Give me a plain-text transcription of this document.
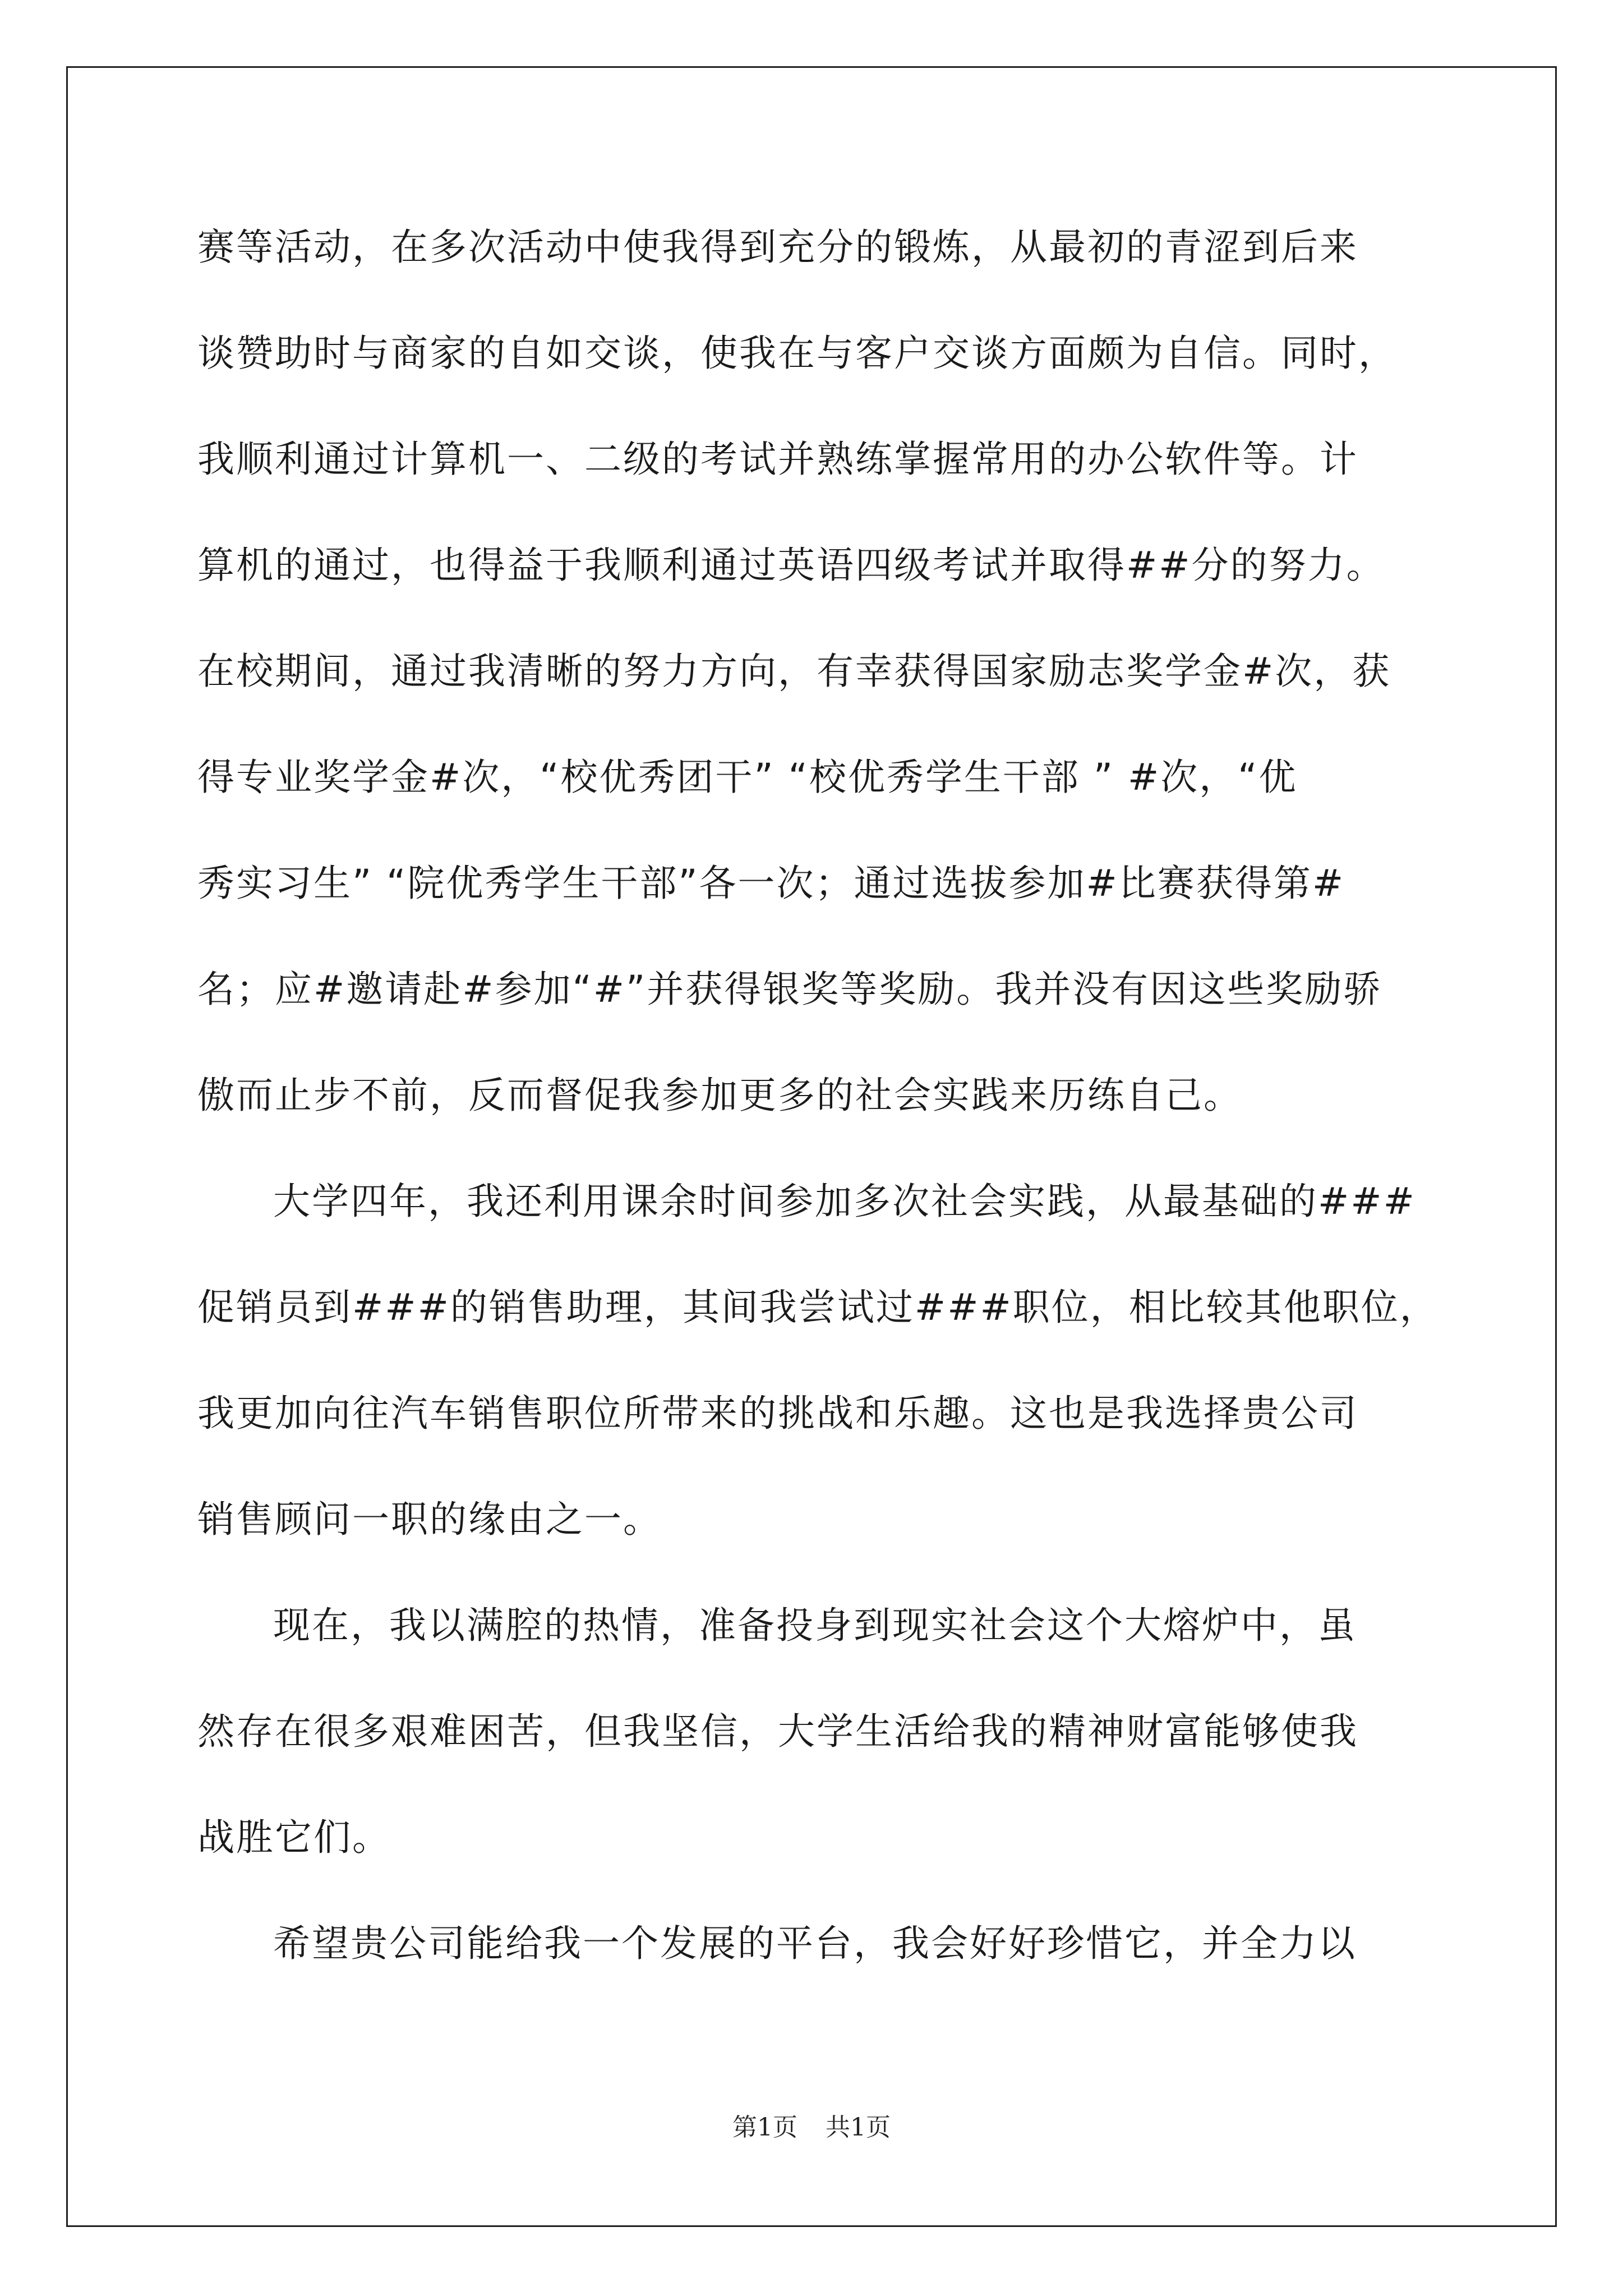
赛等活动，在多次活动中使我得到充分的锻炼，从最初的青涩到后来
谈赞助时与商家的自如交谈，使我在与客户交谈方面颇为自信。同时，
我顺利通过计算机一、二级的考试并熟练掌握常用的办公软件等。计
算机的通过，也得益于我顺利通过英语四级考试并取得##分的努力。
在校期间，通过我清晰的努力方向，有幸获得国家励志奖学金#次，获
得专业奖学金#次，“校优秀团干” “校优秀学生干部 ” #次，“优
秀实习生” “院优秀学生干部”各一次；通过选拔参加#比赛获得第#
名；应#邀请赴#参加“#”并获得银奖等奖励。我并没有因这些奖励骄
傲而止步不前，反而督促我参加更多的社会实践来历练自己。
大学四年，我还利用课余时间参加多次社会实践，从最基础的###
促销员到###的销售助理，其间我尝试过###职位，相比较其他职位，
我更加向往汽车销售职位所带来的挑战和乐趣。这也是我选择贵公司
销售顾问一职的缘由之一。
现在，我以满腔的热情，准备投身到现实社会这个大熔炉中，虽
然存在很多艰难困苦，但我坚信，大学生活给我的精神财富能够使我
战胜它们。
希望贵公司能给我一个发展的平台，我会好好珍惜它，并全力以
第1页 共1页
